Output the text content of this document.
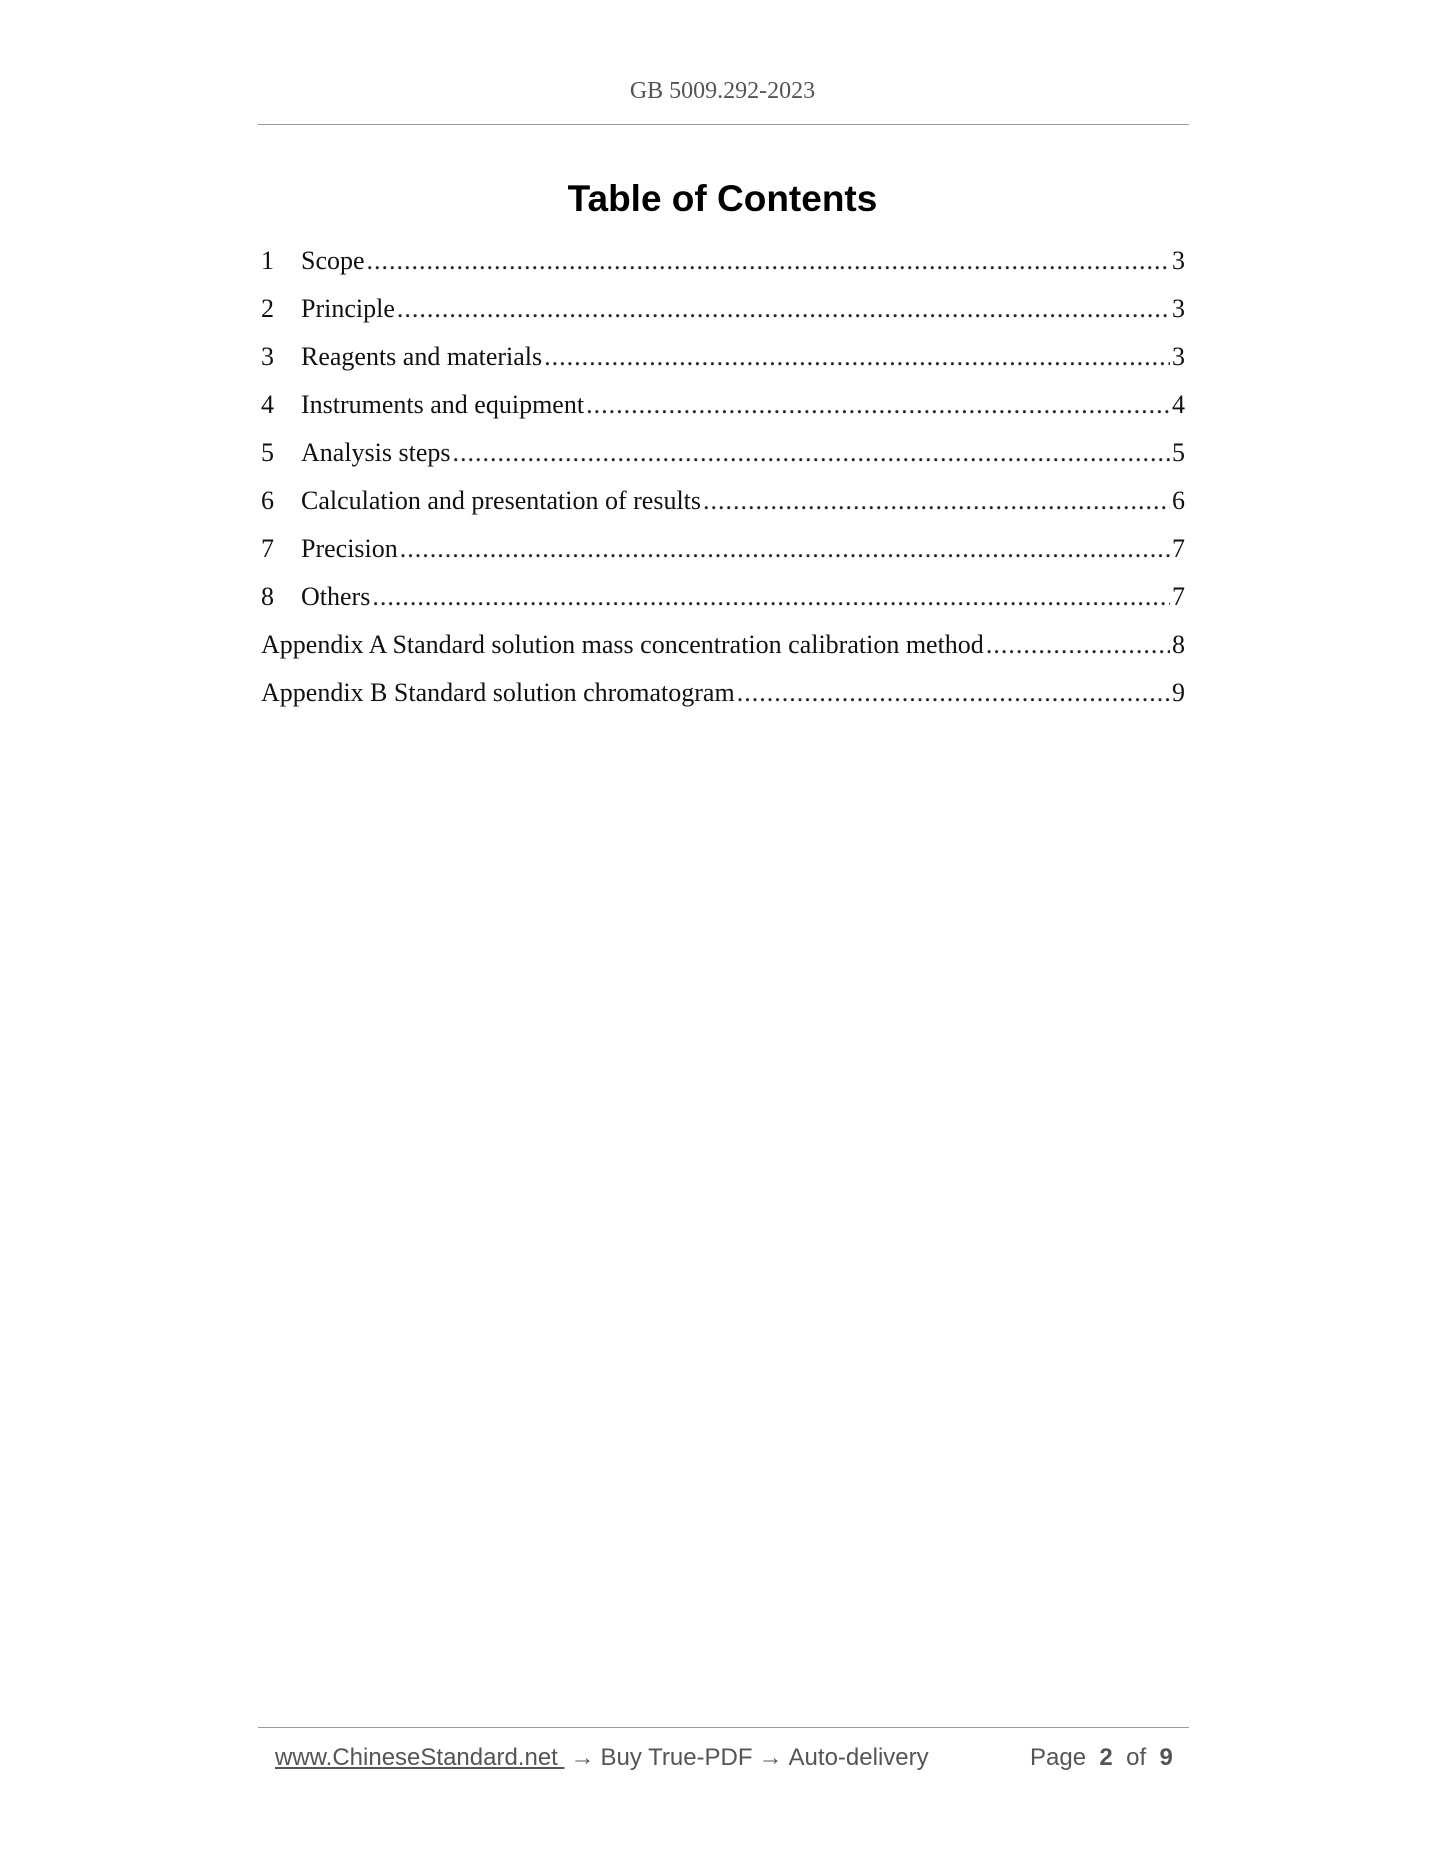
GB 5009.292-2023
Table of Contents
1	Scope .....	3
2	Principle .....	3
3	Reagents and materials .....	3
4	Instruments and equipment .....	4
5	Analysis steps .....	5
6	Calculation and presentation of results .....	6
7	Precision .....	7
8	Others .....	7
Appendix A Standard solution mass concentration calibration method .....	8
Appendix B Standard solution chromatogram .....	9
www.ChineseStandard.net → Buy True-PDF → Auto-delivery	Page 2 of 9
